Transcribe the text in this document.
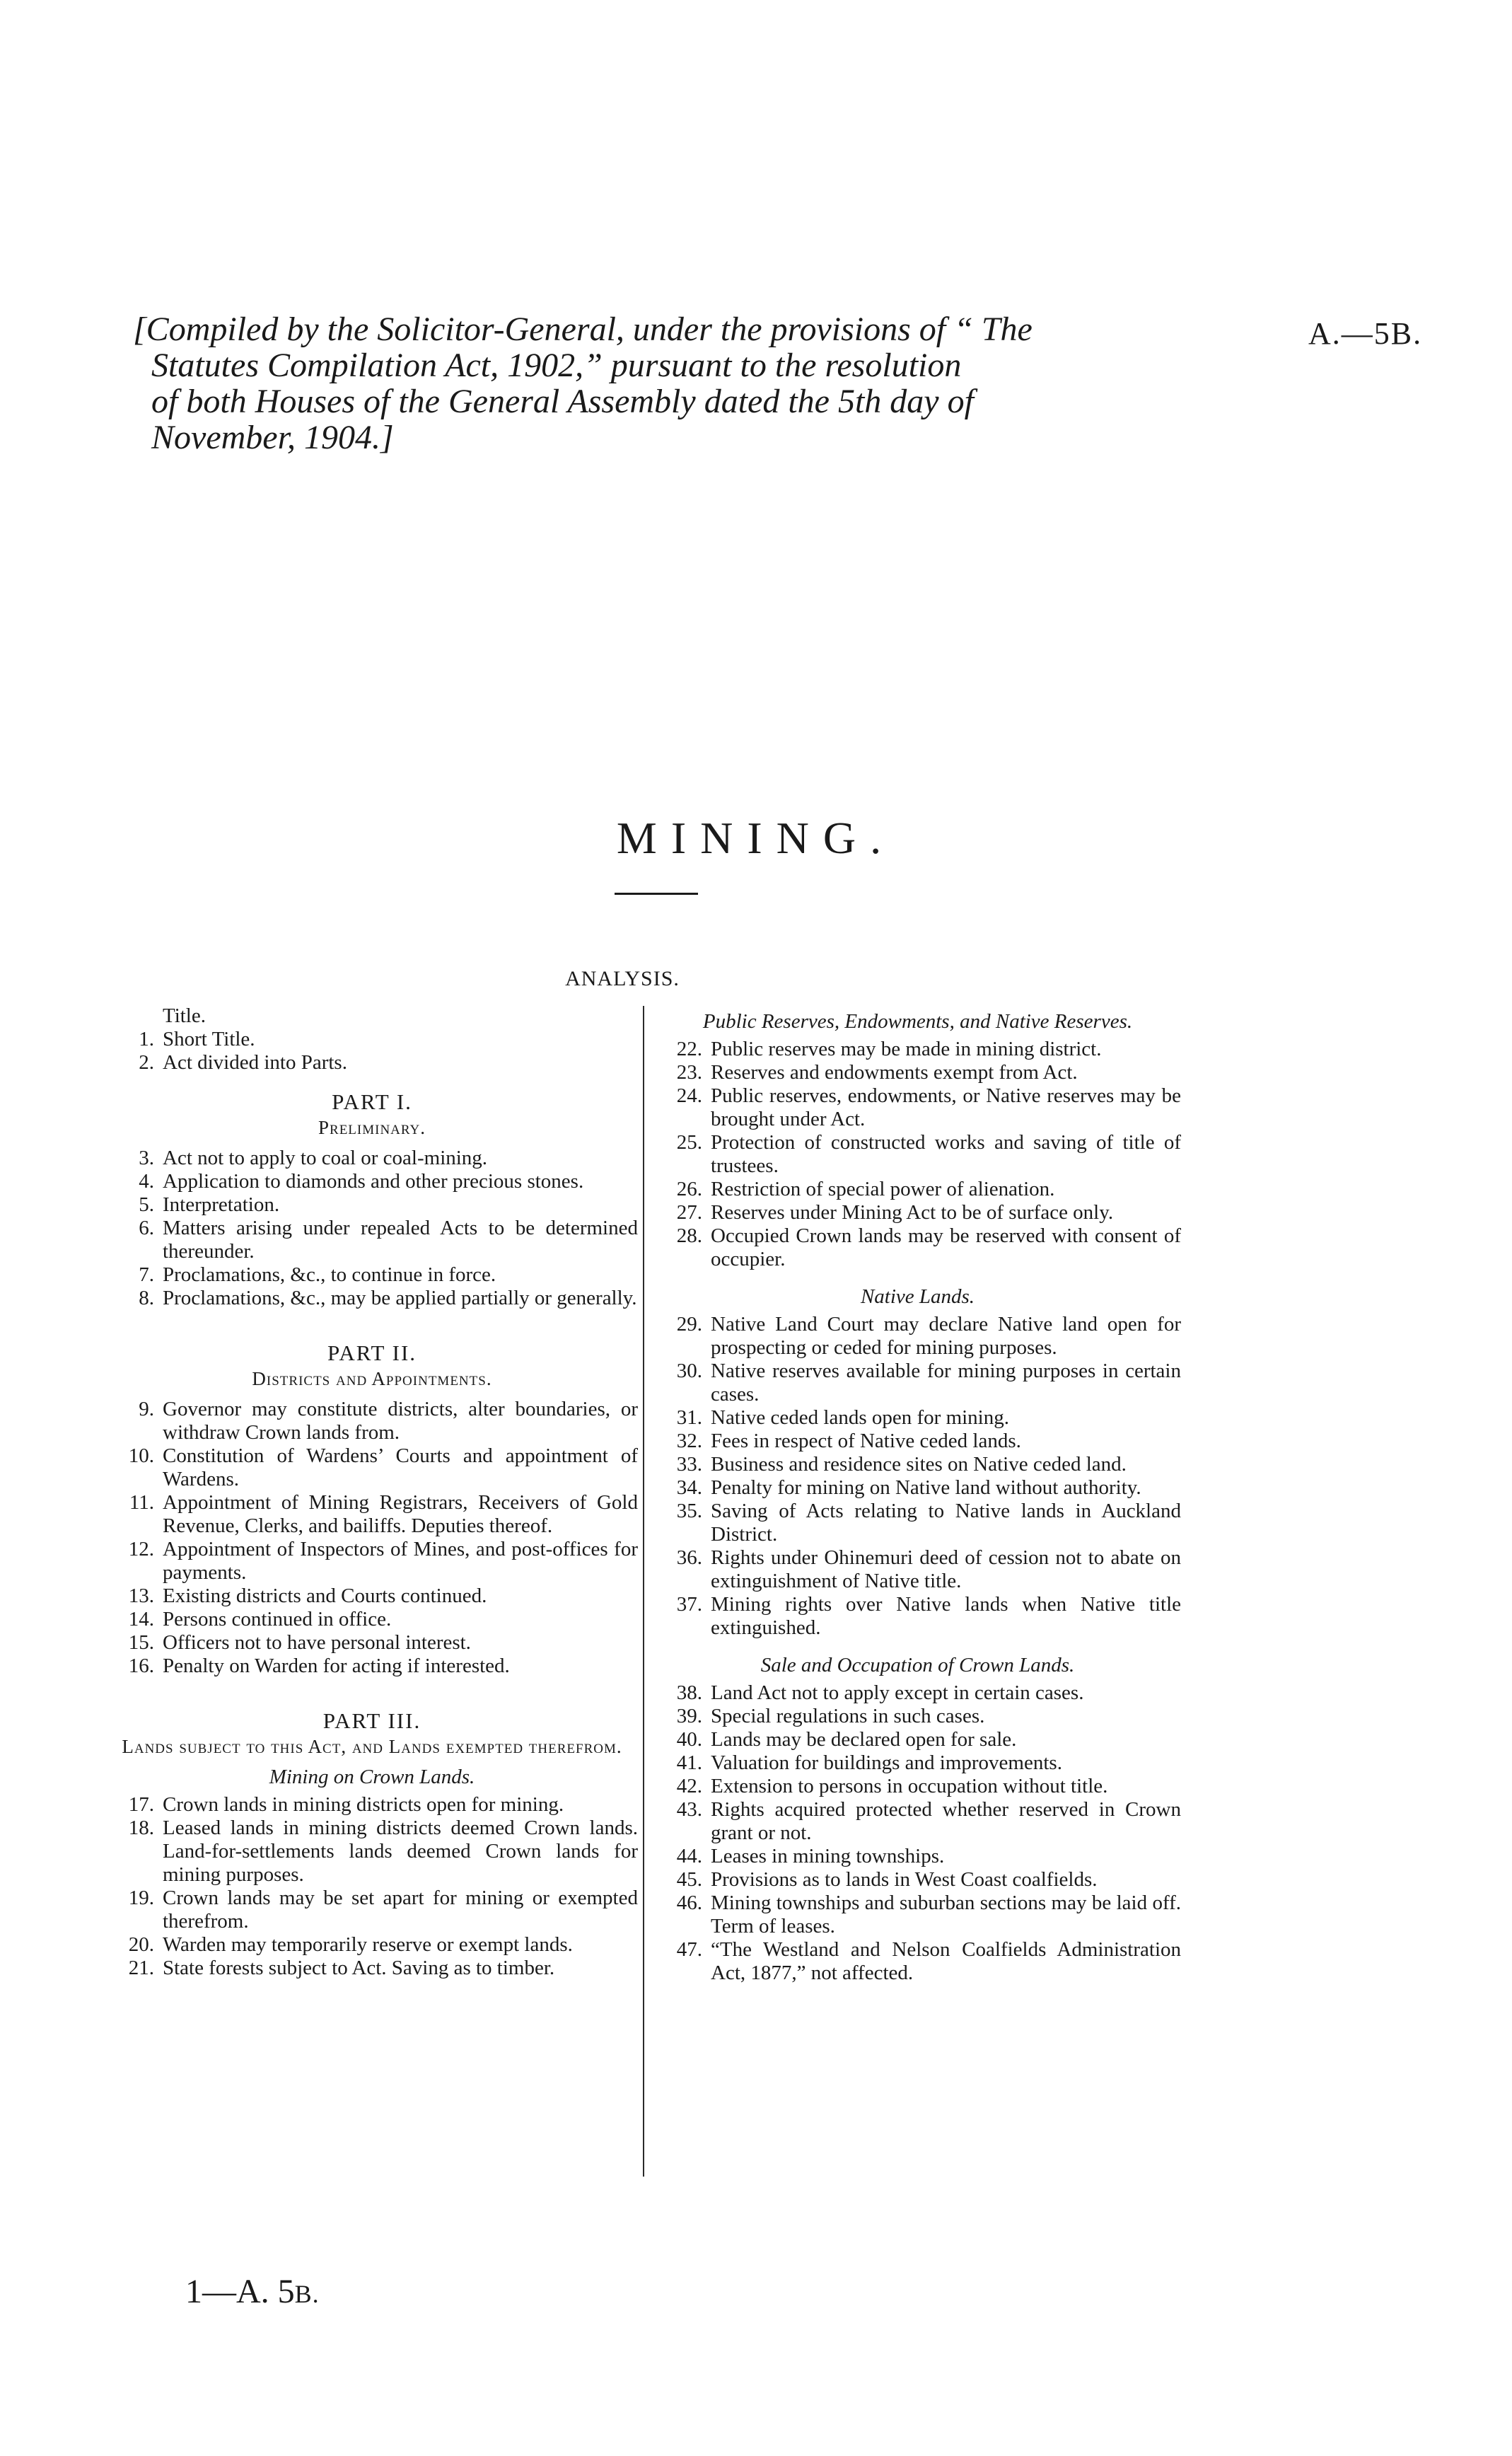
[Compiled by the Solicitor-General, under the provisions of “ The
Statutes Compilation Act, 1902,” pursuant to the resolution
of both Houses of the General Assembly dated the 5th day of
November, 1904.]
A.—5B.
MINING.
ANALYSIS.
Title.
1. Short Title.
2. Act divided into Parts.
PART I.
Preliminary.
3. Act not to apply to coal or coal-mining.
4. Application to diamonds and other precious stones.
5. Interpretation.
6. Matters arising under repealed Acts to be determined thereunder.
7. Proclamations, &c., to continue in force.
8. Proclamations, &c., may be applied partially or generally.
PART II.
Districts and Appointments.
9. Governor may constitute districts, alter boundaries, or withdraw Crown lands from.
10. Constitution of Wardens’ Courts and appointment of Wardens.
11. Appointment of Mining Registrars, Receivers of Gold Revenue, Clerks, and bailiffs. Deputies thereof.
12. Appointment of Inspectors of Mines, and post-offices for payments.
13. Existing districts and Courts continued.
14. Persons continued in office.
15. Officers not to have personal interest.
16. Penalty on Warden for acting if interested.
PART III.
Lands subject to this Act, and Lands exempted therefrom.
Mining on Crown Lands.
17. Crown lands in mining districts open for mining.
18. Leased lands in mining districts deemed Crown lands. Land-for-settlements lands deemed Crown lands for mining purposes.
19. Crown lands may be set apart for mining or exempted therefrom.
20. Warden may temporarily reserve or exempt lands.
21. State forests subject to Act. Saving as to timber.
Public Reserves, Endowments, and Native Reserves.
22. Public reserves may be made in mining district.
23. Reserves and endowments exempt from Act.
24. Public reserves, endowments, or Native reserves may be brought under Act.
25. Protection of constructed works and saving of title of trustees.
26. Restriction of special power of alienation.
27. Reserves under Mining Act to be of surface only.
28. Occupied Crown lands may be reserved with consent of occupier.
Native Lands.
29. Native Land Court may declare Native land open for prospecting or ceded for mining purposes.
30. Native reserves available for mining purposes in certain cases.
31. Native ceded lands open for mining.
32. Fees in respect of Native ceded lands.
33. Business and residence sites on Native ceded land.
34. Penalty for mining on Native land without authority.
35. Saving of Acts relating to Native lands in Auckland District.
36. Rights under Ohinemuri deed of cession not to abate on extinguishment of Native title.
37. Mining rights over Native lands when Native title extinguished.
Sale and Occupation of Crown Lands.
38. Land Act not to apply except in certain cases.
39. Special regulations in such cases.
40. Lands may be declared open for sale.
41. Valuation for buildings and improvements.
42. Extension to persons in occupation without title.
43. Rights acquired protected whether reserved in Crown grant or not.
44. Leases in mining townships.
45. Provisions as to lands in West Coast coalfields.
46. Mining townships and suburban sections may be laid off. Term of leases.
47. “The Westland and Nelson Coalfields Administration Act, 1877,” not affected.
1—A. 5B.
